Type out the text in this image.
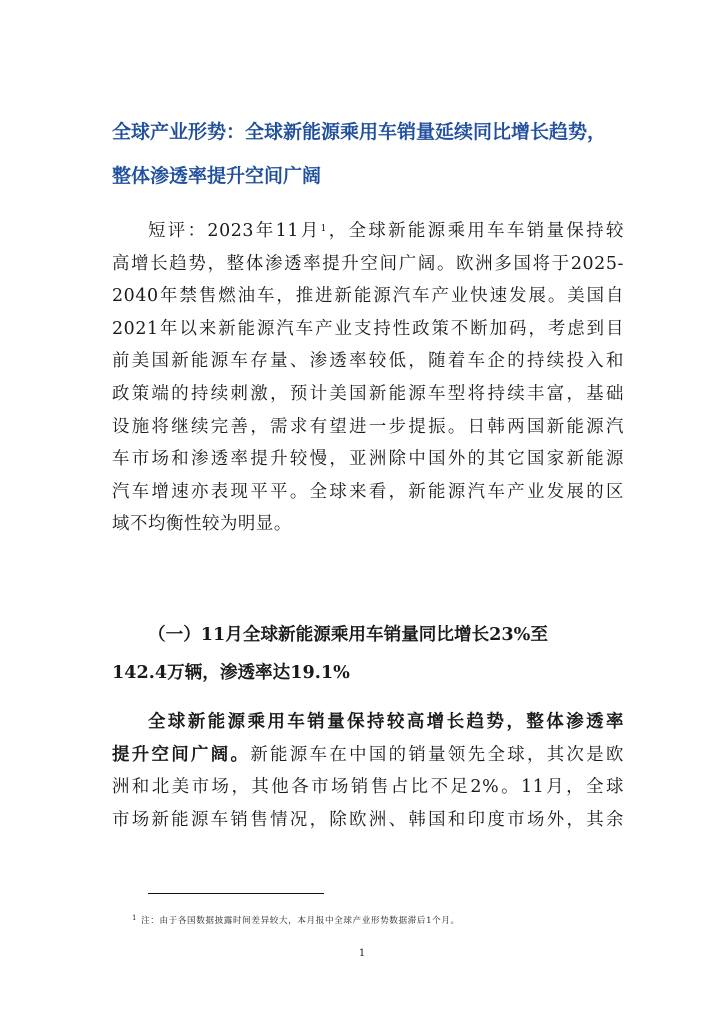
全球产业形势：全球新能源乘用车销量延续同比增长趋势，
整体渗透率提升空间广阔
短评：2023年11月$^1$，全球新能源乘用车车销量保持较
高增长趋势，整体渗透率提升空间广阔。欧洲多国将于2025-
2040年禁售燃油车，推进新能源汽车产业快速发展。美国自
2021年以来新能源汽车产业支持性政策不断加码，考虑到目
前美国新能源车存量、渗透率较低，随着车企的持续投入和
政策端的持续刺激，预计美国新能源车型将持续丰富，基础
设施将继续完善，需求有望进一步提振。日韩两国新能源汽
车市场和渗透率提升较慢，亚洲除中国外的其它国家新能源
汽车增速亦表现平平。全球来看，新能源汽车产业发展的区
域不均衡性较为明显。
（一）11月全球新能源乘用车销量同比增长23%至
142.4万辆，渗透率达19.1%
全球新能源乘用车销量保持较高增长趋势，整体渗透率
提升空间广阔。新能源车在中国的销量领先全球，其次是欧
洲和北美市场，其他各市场销售占比不足2%。11月，全球
市场新能源车销售情况，除欧洲、韩国和印度市场外，其余
$^1$ 注：由于各国数据披露时间差异较大，本月报中全球产业形势数据滞后1个月。
1
